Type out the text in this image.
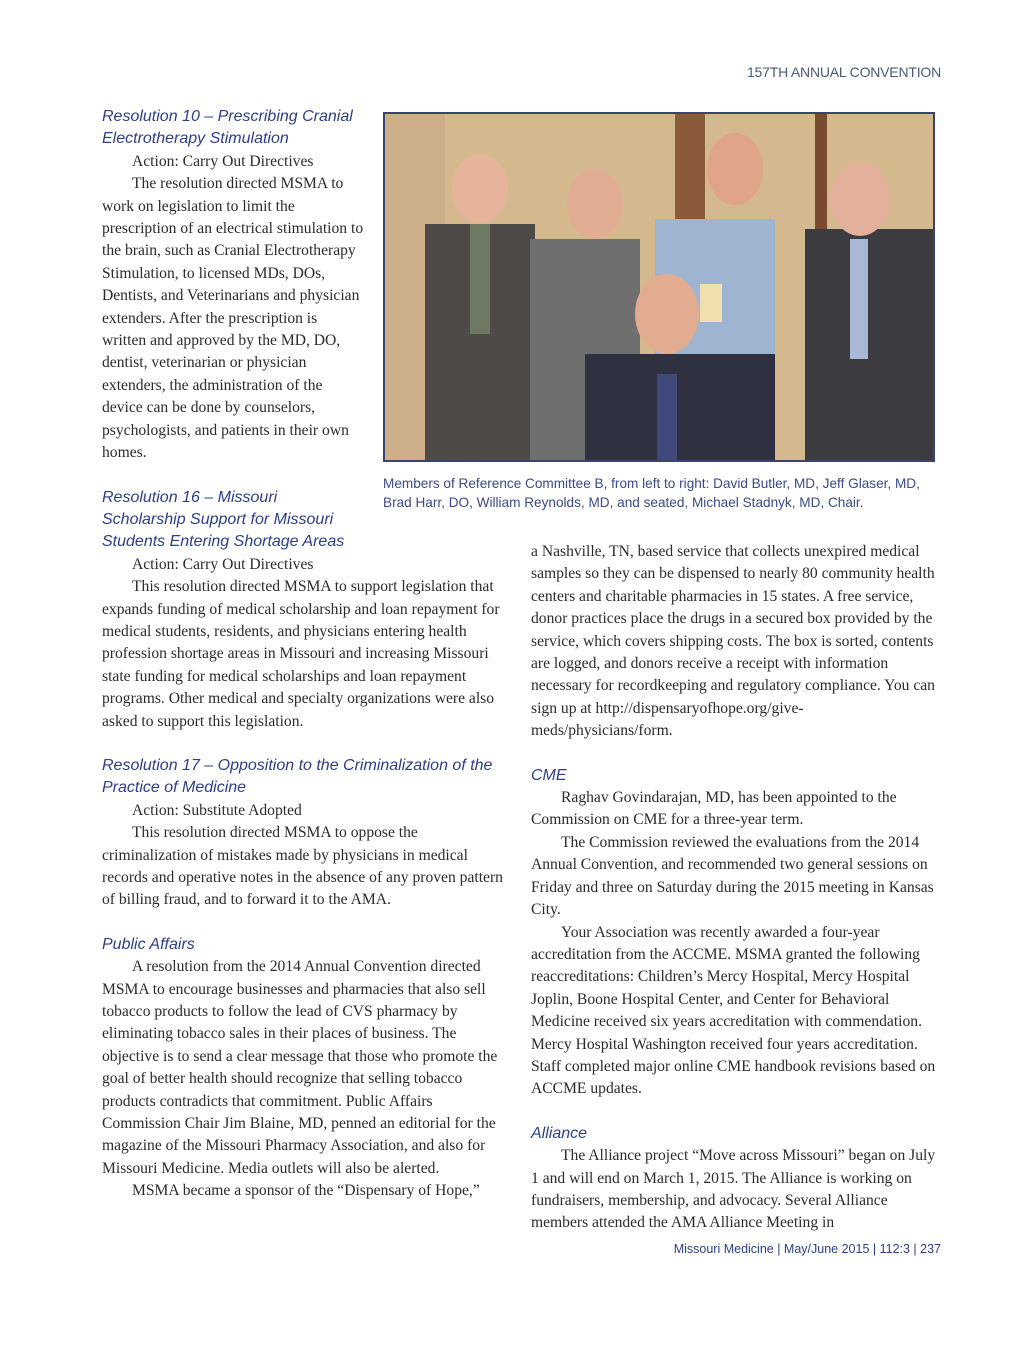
157TH ANNUAL CONVENTION
Members of Reference Committee B, from left to right: David Butler, MD, Jeff Glaser, MD, Brad Harr, DO, William Reynolds, MD, and seated, Michael Stadnyk, MD, Chair.

Resolution 10 – Prescribing Cranial Electrotherapy Stimulation

Action: Carry Out Directives

The resolution directed MSMA to work on legislation to limit the prescription of an electrical stimulation to the brain, such as Cranial Electrotherapy Stimulation, to licensed MDs, DOs, Dentists, and Veterinarians and physician extenders. After the prescription is written and approved by the MD, DO, dentist, veterinarian or physician extenders, the administration of the device can be done by counselors, psychologists, and patients in their own homes.

Resolution 16 – Missouri Scholarship Support for Missouri Students Entering Shortage Areas

Action: Carry Out Directives

This resolution directed MSMA to support legislation that expands funding of medical scholarship and loan repayment for medical students, residents, and physicians entering health profession shortage areas in Missouri and increasing Missouri state funding for medical scholarships and loan repayment programs. Other medical and specialty organizations were also asked to support this legislation.

Resolution 17 – Opposition to the Criminalization of the Practice of Medicine

Action: Substitute Adopted

This resolution directed MSMA to oppose the criminalization of mistakes made by physicians in medical records and operative notes in the absence of any proven pattern of billing fraud, and to forward it to the AMA.

Public Affairs

A resolution from the 2014 Annual Convention directed MSMA to encourage businesses and pharmacies that also sell tobacco products to follow the lead of CVS pharmacy by eliminating tobacco sales in their places of business. The objective is to send a clear message that those who promote the goal of better health should recognize that selling tobacco products contradicts that commitment. Public Affairs Commission Chair Jim Blaine, MD, penned an editorial for the magazine of the Missouri Pharmacy Association, and also for Missouri Medicine. Media outlets will also be alerted.

MSMA became a sponsor of the “Dispensary of Hope,”

a Nashville, TN, based service that collects unexpired medical samples so they can be dispensed to nearly 80 community health centers and charitable pharmacies in 15 states. A free service, donor practices place the drugs in a secured box provided by the service, which covers shipping costs. The box is sorted, contents are logged, and donors receive a receipt with information necessary for recordkeeping and regulatory compliance. You can sign up at http://dispensaryofhope.org/give-meds/physicians/form.

CME

Raghav Govindarajan, MD, has been appointed to the Commission on CME for a three-year term.

The Commission reviewed the evaluations from the 2014 Annual Convention, and recommended two general sessions on Friday and three on Saturday during the 2015 meeting in Kansas City.

Your Association was recently awarded a four-year accreditation from the ACCME. MSMA granted the following reaccreditations: Children’s Mercy Hospital, Mercy Hospital Joplin, Boone Hospital Center, and Center for Behavioral Medicine received six years accreditation with commendation. Mercy Hospital Washington received four years accreditation. Staff completed major online CME handbook revisions based on ACCME updates.

Alliance

The Alliance project “Move across Missouri” began on July 1 and will end on March 1, 2015. The Alliance is working on fundraisers, membership, and advocacy. Several Alliance members attended the AMA Alliance Meeting in

Missouri Medicine | May/June 2015 | 112:3 | 237
